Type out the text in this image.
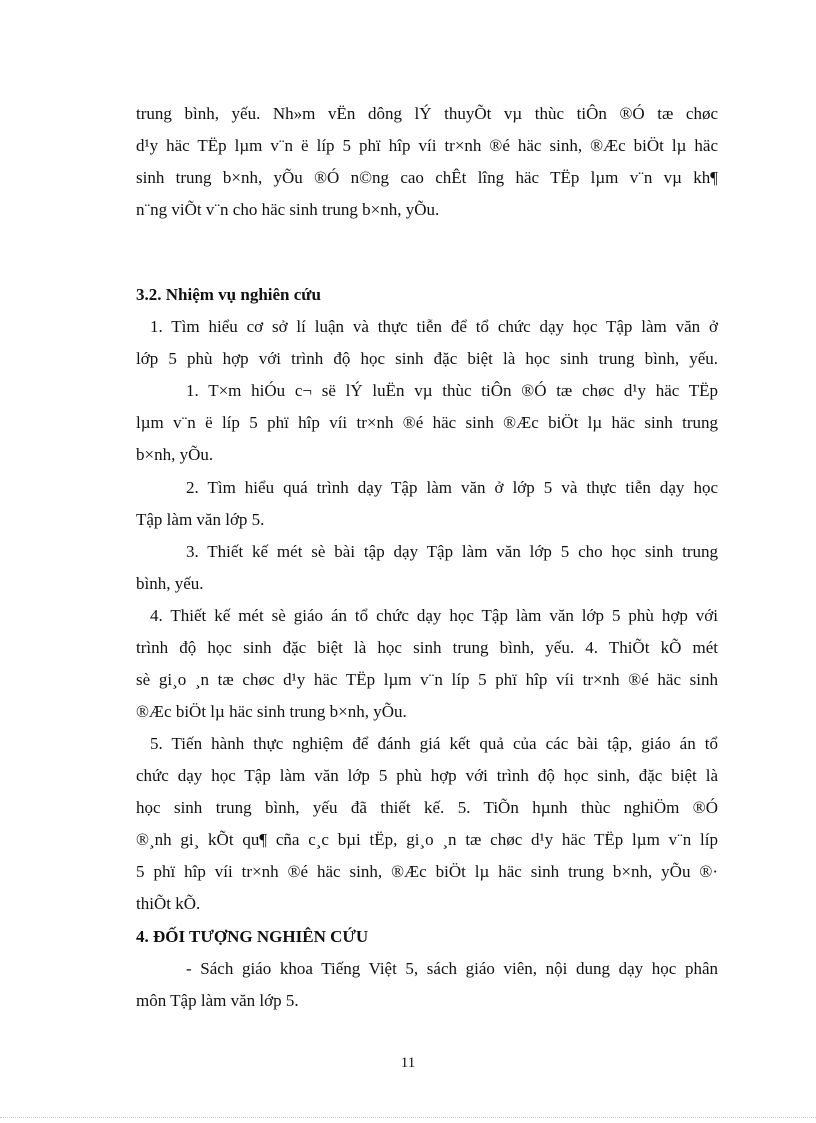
trung bình, yếu. Nh»m vËn dông lÝ thuyÕt vµ thùc tiÔn ®Ó tæ chøc
d¹y häc TËp lµm v¨n ë líp 5 phï hîp víi tr×nh ®é häc sinh, ®Æc biÖt lµ häc
sinh trung b×nh, yÕu ®Ó n©ng cao chÊt lîng häc TËp lµm v¨n vµ kh¶
n¨ng viÕt v¨n cho häc sinh trung b×nh, yÕu.
3.2. Nhiệm vụ nghiên cứu
1. Tìm hiểu cơ sở lí luận và thực tiễn để tổ chức dạy học Tập làm văn ở
lớp 5 phù hợp với trình độ học sinh đặc biệt là học sinh trung bình, yếu.
1. T×m hiÓu c¬ së lÝ luËn vµ thùc tiÔn ®Ó tæ chøc d¹y häc TËp
lµm v¨n ë líp 5 phï hîp víi tr×nh ®é häc sinh ®Æc biÖt lµ häc sinh trung
b×nh, yÕu.
2. Tìm hiểu quá trình dạy Tập làm văn ở lớp 5 và thực tiễn dạy học
Tập làm văn lớp 5.
3. Thiết kế mét sè bài tập dạy Tập làm văn lớp 5 cho học sinh trung
bình, yếu.
4. Thiết kế mét sè giáo án tổ chức dạy học Tập làm văn lớp 5 phù hợp với
trình độ học sinh đặc biệt là học sinh trung bình, yếu. 4. ThiÕt kÕ mét
sè gi¸o ¸n tæ chøc d¹y häc TËp lµm v¨n líp 5 phï hîp víi tr×nh ®é häc sinh
®Æc biÖt lµ häc sinh trung b×nh, yÕu.
5. Tiến hành thực nghiệm để đánh giá kết quả của các bài tập, giáo án tổ
chức dạy học Tập làm văn lớp 5 phù hợp với trình độ học sinh, đặc biệt là
học sinh trung bình, yếu đã thiết kế. 5. TiÕn hµnh thùc nghiÖm ®Ó
®¸nh gi¸ kÕt qu¶ cña c¸c bµi tËp, gi¸o ¸n tæ chøc d¹y häc TËp lµm v¨n líp
5 phï hîp víi tr×nh ®é häc sinh, ®Æc biÖt lµ häc sinh trung b×nh, yÕu ®·
thiÕt kÕ.
4. ĐỐI TƯỢNG NGHIÊN CỨU
- Sách giáo khoa Tiếng Việt 5, sách giáo viên, nội dung dạy học phân
môn Tập làm văn lớp 5.
11
